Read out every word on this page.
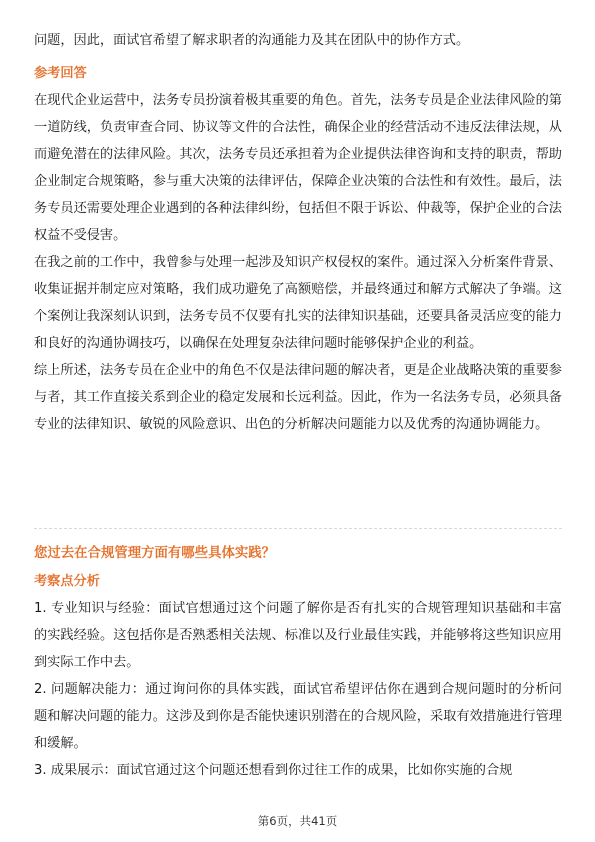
问题，因此，面试官希望了解求职者的沟通能力及其在团队中的协作方式。

参考回答

在现代企业运营中，法务专员扮演着极其重要的角色。首先，法务专员是企业法律风险的第一道防线，负责审查合同、协议等文件的合法性，确保企业的经营活动不违反法律法规，从而避免潜在的法律风险。其次，法务专员还承担着为企业提供法律咨询和支持的职责，帮助企业制定合规策略，参与重大决策的法律评估，保障企业决策的合法性和有效性。最后，法务专员还需要处理企业遇到的各种法律纠纷，包括但不限于诉讼、仲裁等，保护企业的合法权益不受侵害。

在我之前的工作中，我曾参与处理一起涉及知识产权侵权的案件。通过深入分析案件背景、收集证据并制定应对策略，我们成功避免了高额赔偿，并最终通过和解方式解决了争端。这个案例让我深刻认识到，法务专员不仅要有扎实的法律知识基础，还要具备灵活应变的能力和良好的沟通协调技巧，以确保在处理复杂法律问题时能够保护企业的利益。

综上所述，法务专员在企业中的角色不仅是法律问题的解决者，更是企业战略决策的重要参与者，其工作直接关系到企业的稳定发展和长远利益。因此，作为一名法务专员，必须具备专业的法律知识、敏锐的风险意识、出色的分析解决问题能力以及优秀的沟通协调能力。

您过去在合规管理方面有哪些具体实践？

考察点分析

1. 专业知识与经验：面试官想通过这个问题了解你是否有扎实的合规管理知识基础和丰富的实践经验。这包括你是否熟悉相关法规、标准以及行业最佳实践，并能够将这些知识应用到实际工作中去。

2. 问题解决能力：通过询问你的具体实践，面试官希望评估你在遇到合规问题时的分析问题和解决问题的能力。这涉及到你是否能快速识别潜在的合规风险，采取有效措施进行管理和缓解。

3. 成果展示：面试官通过这个问题还想看到你过往工作的成果，比如你实施的合规

第6页，共41页
